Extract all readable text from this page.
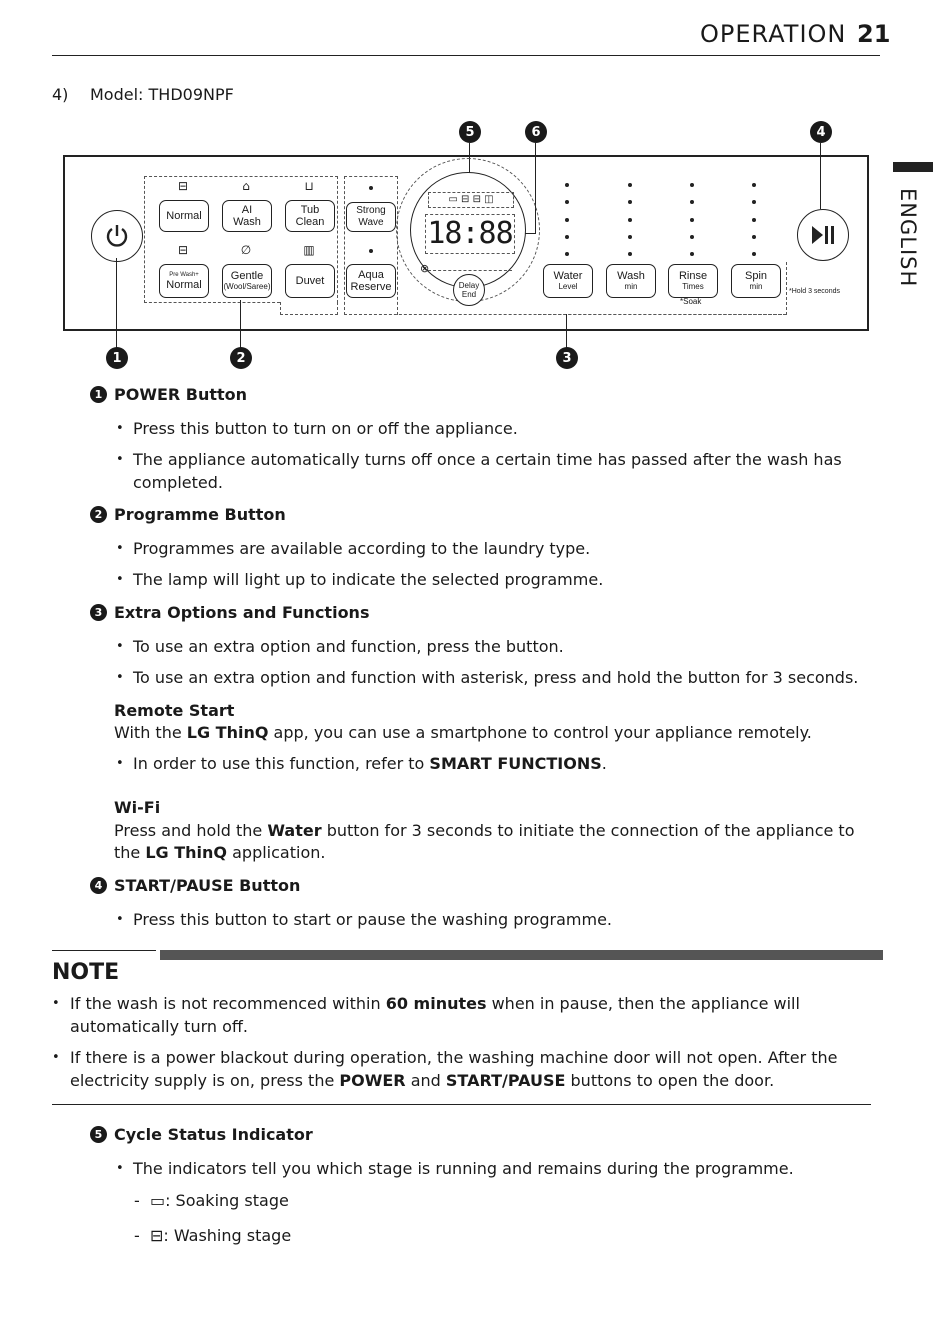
OPERATION 21
ENGLISH
4) Model: THD09NPF
5	6	4
1
⊟	⌂	⊔
Normal	AI
Wash
Tub
Clean
⊟	∅	▥
Pre Wash+
Normal
Gentle
(Wool/Saree) Duvet
2
Strong Wave
Aqua
Reserve
▭ ⊟ ⊟ ◫
18:88
⊗
Delay
End
Water
Level
Wash
min
Rinse
Times
Spin
min
*Soak
*Hold 3 seconds
3
1 POWER Button
• Press this button to turn on or off the appliance.
• The appliance automatically turns off once a certain time has passed after the wash has completed.
2 Programme Button
• Programmes are available according to the laundry type.
• The lamp will light up to indicate the selected programme.
3 Extra Options and Functions
• To use an extra option and function, press the button.
• To use an extra option and function with asterisk, press and hold the button for 3 seconds.
Remote Start
With the LG ThinQ app, you can use a smartphone to control your appliance remotely.
• In order to use this function, refer to SMART FUNCTIONS.
Wi-Fi
Press and hold the Water button for 3 seconds to initiate the connection of the appliance to the LG ThinQ application.
4 START/PAUSE Button
• Press this button to start or pause the washing programme.
NOTE
• If the wash is not recommenced within 60 minutes when in pause, then the appliance will automatically turn off.
• If there is a power blackout during operation, the washing machine door will not open. After the electricity supply is on, press the POWER and START/PAUSE buttons to open the door.
5 Cycle Status Indicator
• The indicators tell you which stage is running and remains during the programme.
-  ▭: Soaking stage
-  ⊟: Washing stage
